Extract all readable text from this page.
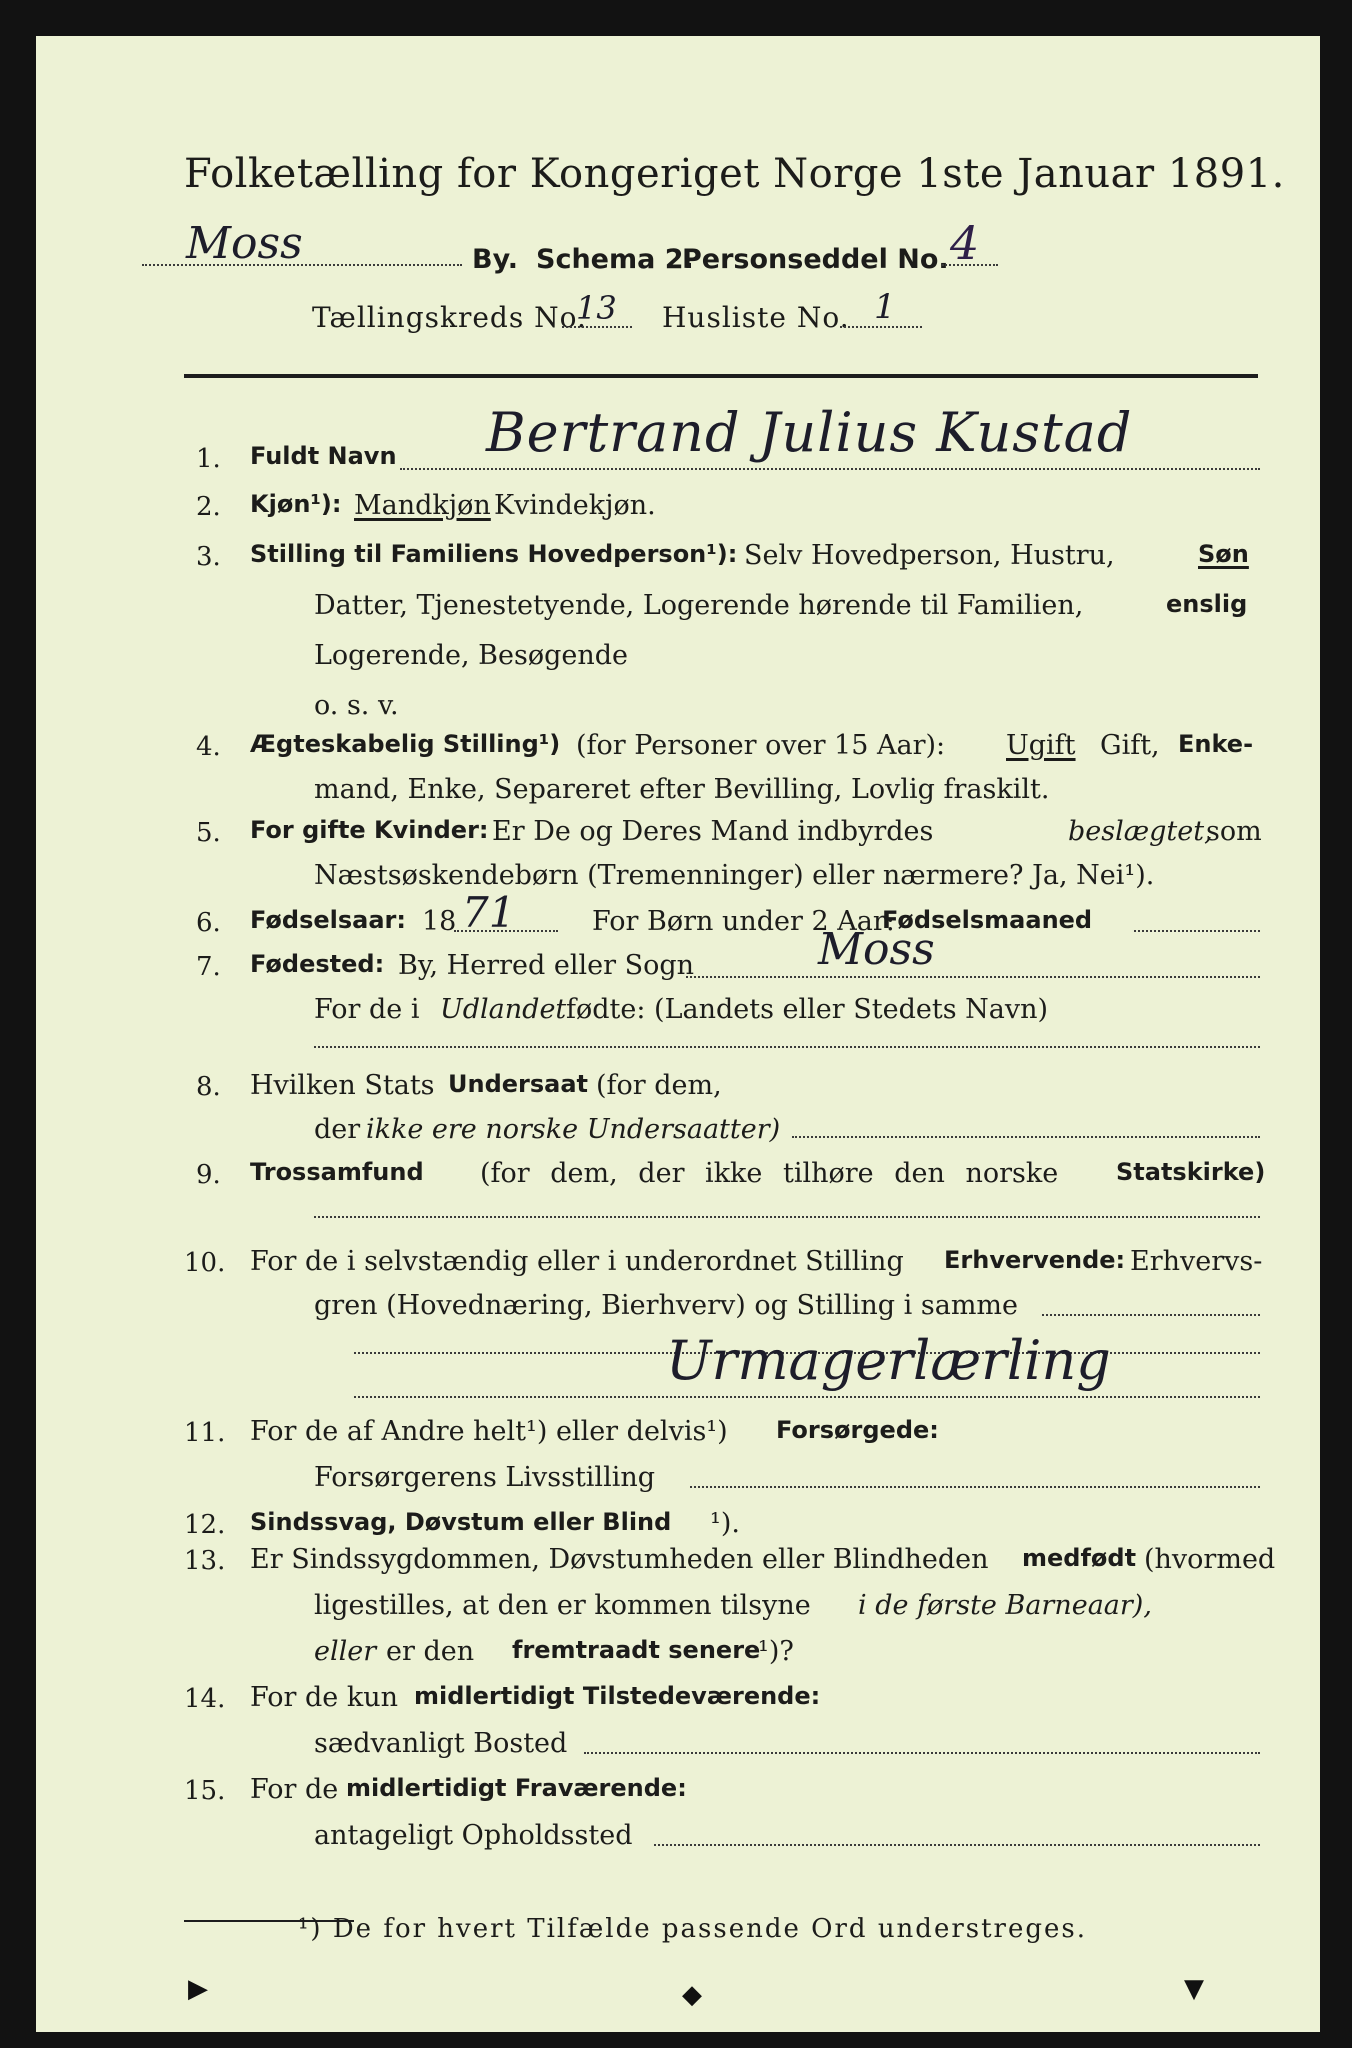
Folketælling for Kongeriget Norge 1ste Januar 1891.
Moss	By. Schema 2.
Personseddel No. 4
Tællingskreds No.
13 Husliste No. 1
1. Fuldt Navn Bertrand Julius Kustad
2. Kjøn¹): Mandkjøn Kvindekjøn.
3. Stilling til Familiens Hovedperson¹): Selv Hovedperson, Hustru,	Søn
Datter, Tjenestetyende, Logerende hørende til Familien,	enslig
Logerende, Besøgende
o. s. v.
4. Ægteskabelig Stilling¹) (for Personer over 15 Aar): Ugift Gift, Enke-
mand, Enke, Separeret efter Bevilling, Lovlig fraskilt.
5. For gifte Kvinder: Er De og Deres Mand indbyrdes	beslægtet,
som
Næstsøskendebørn (Tremenninger) eller nærmere? Ja, Nei¹).
6. Fødselsaar: 18 71	For Børn under 2 Aar:
Fødselsmaaned
7. Fødested: By, Herred eller Sogn	Moss
For de i Udlandet fødte: (Landets eller Stedets Navn)
8. Hvilken Stats Undersaat (for dem,
der ikke ere norske Undersaatter)
9. Trossamfund (for dem, der ikke tilhøre den norske Statskirke)
10. For de i selvstændig eller i underordnet Stilling Erhvervende: Erhvervs-
gren (Hovednæring, Bierhverv) og Stilling i samme
Urmagerlærling
11. For de af Andre helt¹) eller delvis¹) Forsørgede:
Forsørgerens Livsstilling
12. Sindssvag, Døvstum eller Blind ¹).
13. Er Sindssygdommen, Døvstumheden eller Blindheden medfødt (hvormed
ligestilles, at den er kommen tilsyne i de første Barneaar),
eller er den fremtraadt senere
¹)?
14. For de kun midlertidigt Tilstedeværende:
sædvanligt Bosted
15. For de midlertidigt Fraværende:
antageligt Opholdssted
¹) De for hvert Tilfælde passende Ord understreges.
▶	◆	▼
